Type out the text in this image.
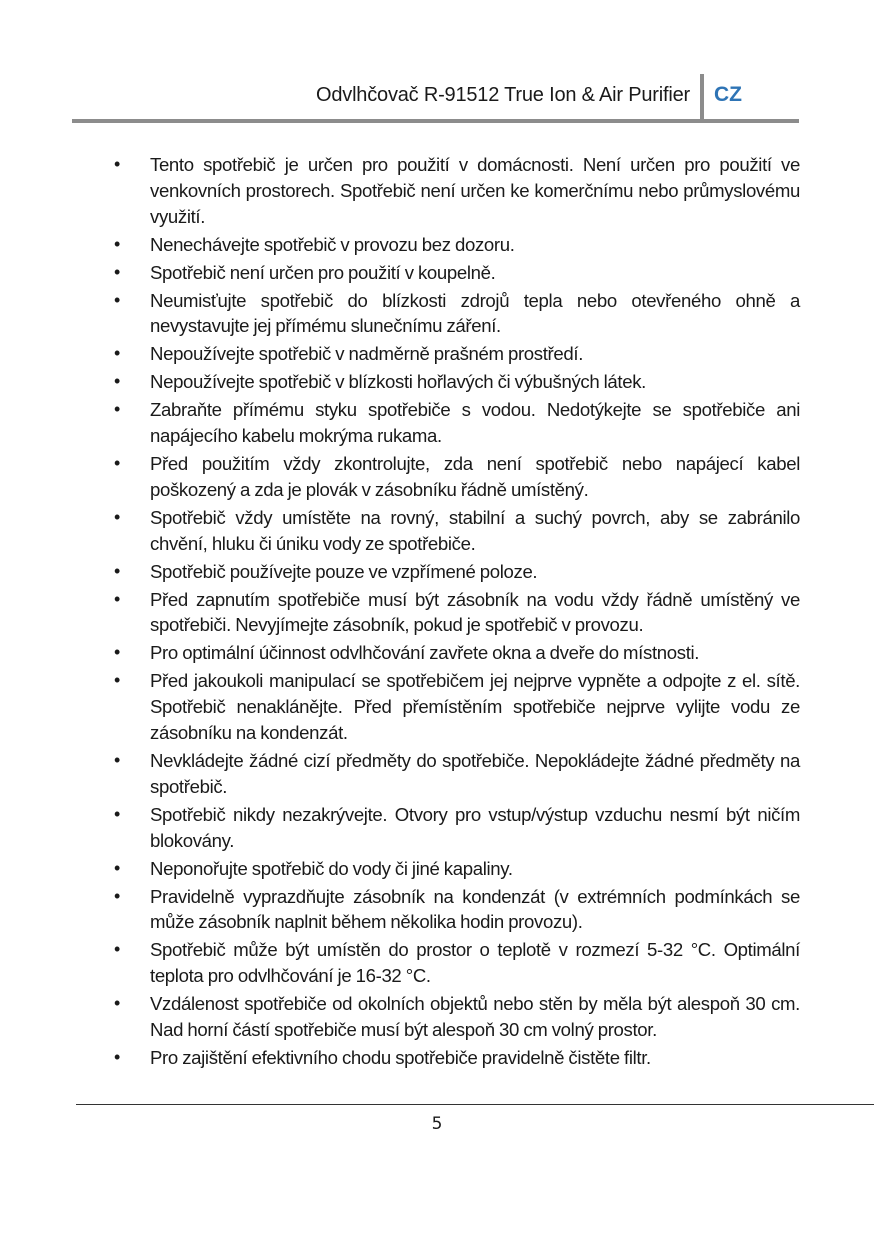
Odvlhčovač R-91512 True Ion & Air Purifier CZ
• Tento spotřebič je určen pro použití v domácnosti. Není určen pro použití ve venkovních prostorech. Spotřebič není určen ke komerčnímu nebo průmyslovému využití.
• Nenechávejte spotřebič v provozu bez dozoru.
• Spotřebič není určen pro použití v koupelně.
• Neumisťujte spotřebič do blízkosti zdrojů tepla nebo otevřeného ohně a nevystavujte jej přímému slunečnímu záření.
• Nepoužívejte spotřebič v nadměrně prašném prostředí.
• Nepoužívejte spotřebič v blízkosti hořlavých či výbušných látek.
• Zabraňte přímému styku spotřebiče s vodou. Nedotýkejte se spotřebiče ani napájecího kabelu mokrýma rukama.
• Před použitím vždy zkontrolujte, zda není spotřebič nebo napájecí kabel poškozený a zda je plovák v zásobníku řádně umístěný.
• Spotřebič vždy umístěte na rovný, stabilní a suchý povrch, aby se zabránilo chvění, hluku či úniku vody ze spotřebiče.
• Spotřebič používejte pouze ve vzpřímené poloze.
• Před zapnutím spotřebiče musí být zásobník na vodu vždy řádně umístěný ve spotřebiči. Nevyjímejte zásobník, pokud je spotřebič v provozu.
• Pro optimální účinnost odvlhčování zavřete okna a dveře do místnosti.
• Před jakoukoli manipulací se spotřebičem jej nejprve vypněte a odpojte z el. sítě. Spotřebič nenaklánějte. Před přemístěním spotřebiče nejprve vylijte vodu ze zásobníku na kondenzát.
• Nevkládejte žádné cizí předměty do spotřebiče. Nepokládejte žádné předměty na spotřebič.
• Spotřebič nikdy nezakrývejte. Otvory pro vstup/výstup vzduchu nesmí být ničím blokovány.
• Neponořujte spotřebič do vody či jiné kapaliny.
• Pravidelně vyprazdňujte zásobník na kondenzát (v extrémních podmínkách se může zásobník naplnit během několika hodin provozu).
• Spotřebič může být umístěn do prostor o teplotě v rozmezí 5-32 °C. Optimální teplota pro odvlhčování je 16-32 °C.
• Vzdálenost spotřebiče od okolních objektů nebo stěn by měla být alespoň 30 cm. Nad horní částí spotřebiče musí být alespoň 30 cm volný prostor.
• Pro zajištění efektivního chodu spotřebiče pravidelně čistěte filtr.
5
